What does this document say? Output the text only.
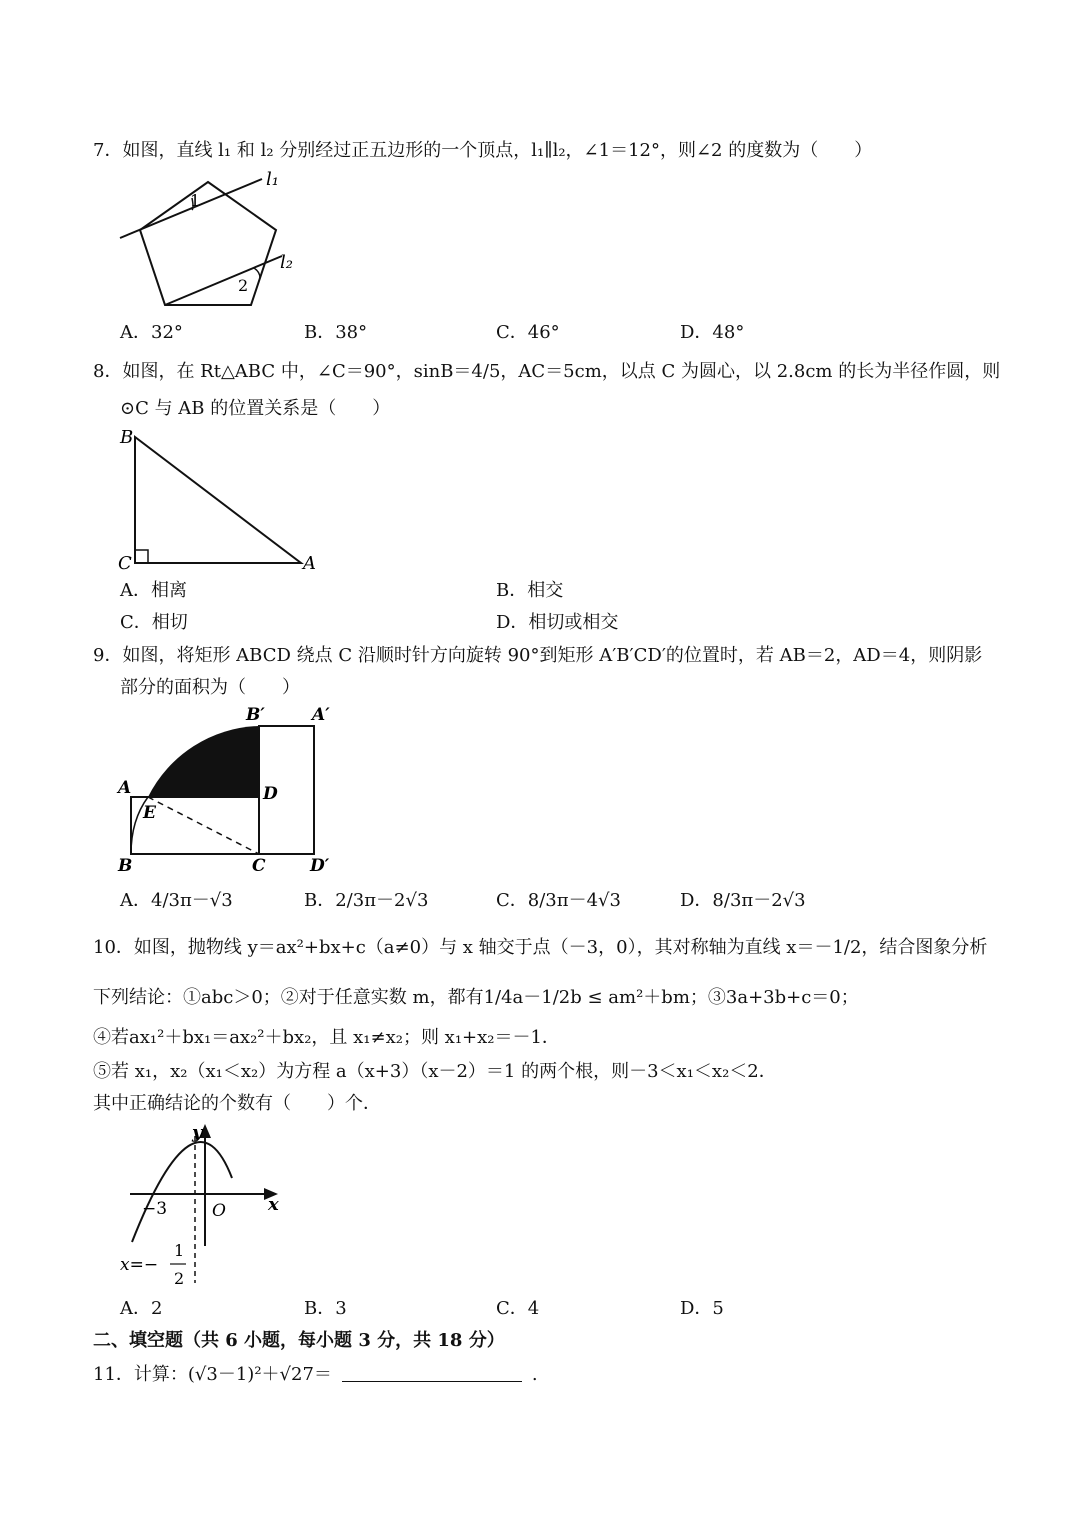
7．如图，直线 l₁ 和 l₂ 分别经过正五边形的一个顶点，l₁∥l₂，∠1＝12°，则∠2 的度数为（　　）
l₁
l₂
1
2
A．32°	B．38°	C．46°	D．48°
8．如图，在 Rt△ABC 中，∠C＝90°，sinB＝4/5，AC＝5cm，以点 C 为圆心，以 2.8cm 的长为半径作圆，则
⊙C 与 AB 的位置关系是（　　）
B
C	A
A．相离	B．相交
C．相切	D．相切或相交
9．如图，将矩形 ABCD 绕点 C 沿顺时针方向旋转 90°到矩形 A′B′CD′的位置时，若 AB＝2，AD＝4，则阴影
部分的面积为（　　）
B′	A′
A	D
E
B	C	D′
A．4/3π－√3	B．2/3π－2√3	C．8/3π－4√3	D．8/3π－2√3
10．如图，抛物线 y＝ax²+bx+c（a≠0）与 x 轴交于点（－3，0），其对称轴为直线 x＝－1/2，结合图象分析
下列结论：①abc＞0；②对于任意实数 m，都有1/4a－1/2b ≤ am²＋bm；③3a+3b+c＝0；
④若ax₁²＋bx₁＝ax₂²＋bx₂，且 x₁≠x₂；则 x₁+x₂＝－1．
⑤若 x₁，x₂（x₁＜x₂）为方程 a（x+3）（x－2）＝1 的两个根，则－3＜x₁＜x₂＜2．
其中正确结论的个数有（　　）个．
y
x
−3	O
x=−
1
2
A．2	B．3	C．4	D．5
二、填空题（共 6 小题，每小题 3 分，共 18 分）
11．计算：(√3－1)²＋√27＝	.
